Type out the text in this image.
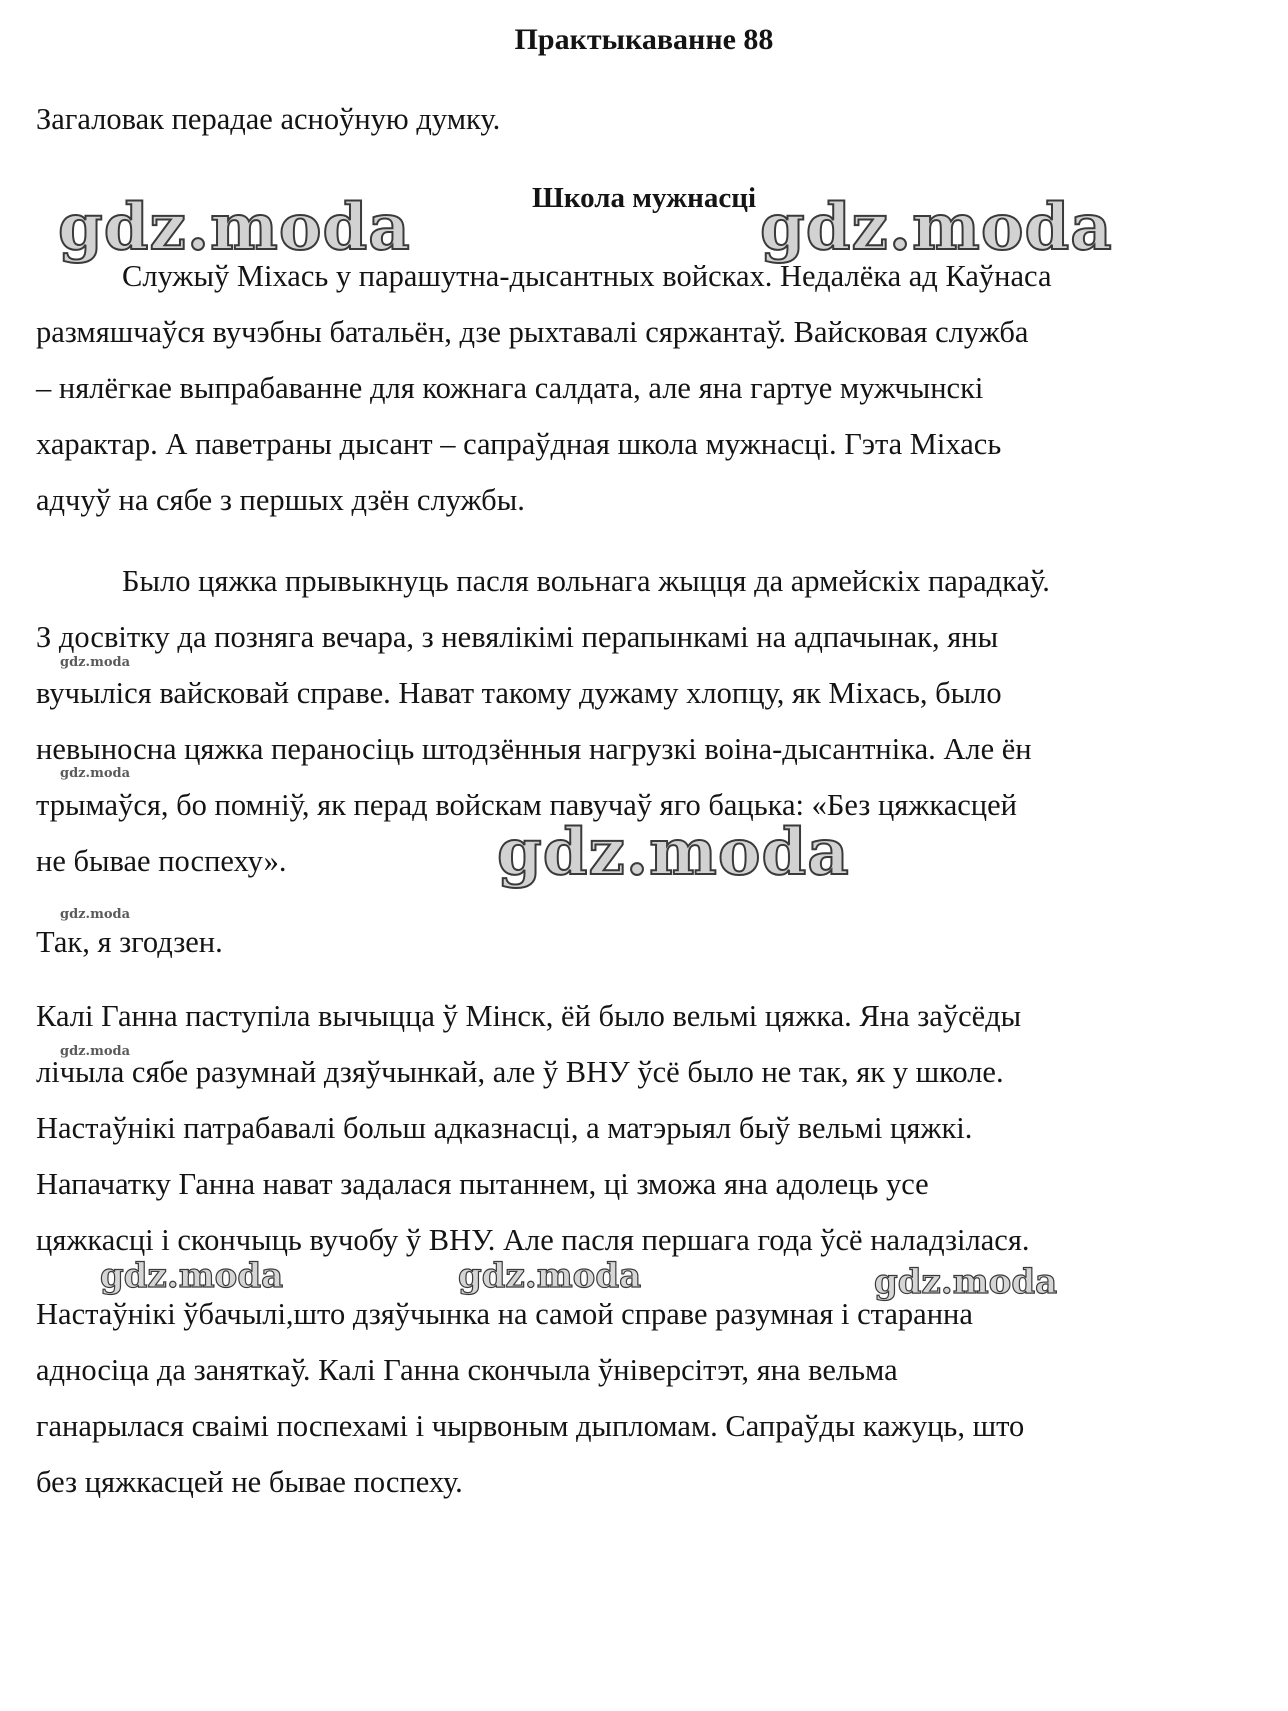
gdz.moda	gdz.moda
gdz.moda
gdz.moda	gdz.moda	gdz.moda
gdz.moda
gdz.moda
gdz.moda
gdz.moda
Практыкаванне 88
Загаловак перадае асноўную думку.
Школа мужнасці
Служыў Міхась у парашутна-дысантных войсках. Недалёка ад Каўнаса
размяшчаўся вучэбны батальён, дзе рыхтавалі сяржантаў. Вайсковая служба
– нялёгкае выпрабаванне для кожнага салдата, але яна гартуе мужчынскі
характар. А паветраны дысант – сапраўдная школа мужнасці. Гэта Міхась
адчуў на сябе з першых дзён службы.
Было цяжка прывыкнуць пасля вольнага жыцця да армейскіх парадкаў.
З досвітку да позняга вечара, з невялікімі перапынкамі на адпачынак, яны
вучыліся вайсковай справе. Нават такому дужаму хлопцу, як Міхась, было
невыносна цяжка пераносіць штодзённыя нагрузкі воіна-дысантніка. Але ён
трымаўся, бо помніў, як перад войскам павучаў яго бацька: «Без цяжкасцей
не бывае поспеху».
Так, я згодзен.
Калі Ганна паступіла вычыцца ў Мінск, ёй было вельмі цяжка. Яна заўсёды
лічыла сябе разумнай дзяўчынкай, але ў ВНУ ўсё было не так, як у школе.
Настаўнікі патрабавалі больш адказнасці, а матэрыял быў вельмі цяжкі.
Напачатку Ганна нават задалася пытаннем, ці зможа яна адолець усе
цяжкасці і скончыць вучобу ў ВНУ. Але пасля першага года ўсё наладзілася.
Настаўнікі ўбачылі,што дзяўчынка на самой справе разумная і старанна
адносіца да заняткаў. Калі Ганна скончыла ўніверсітэт, яна вельма
ганарылася сваімі поспехамі і чырвоным дыпломам. Сапраўды кажуць, што
без цяжкасцей не бывае поспеху.
